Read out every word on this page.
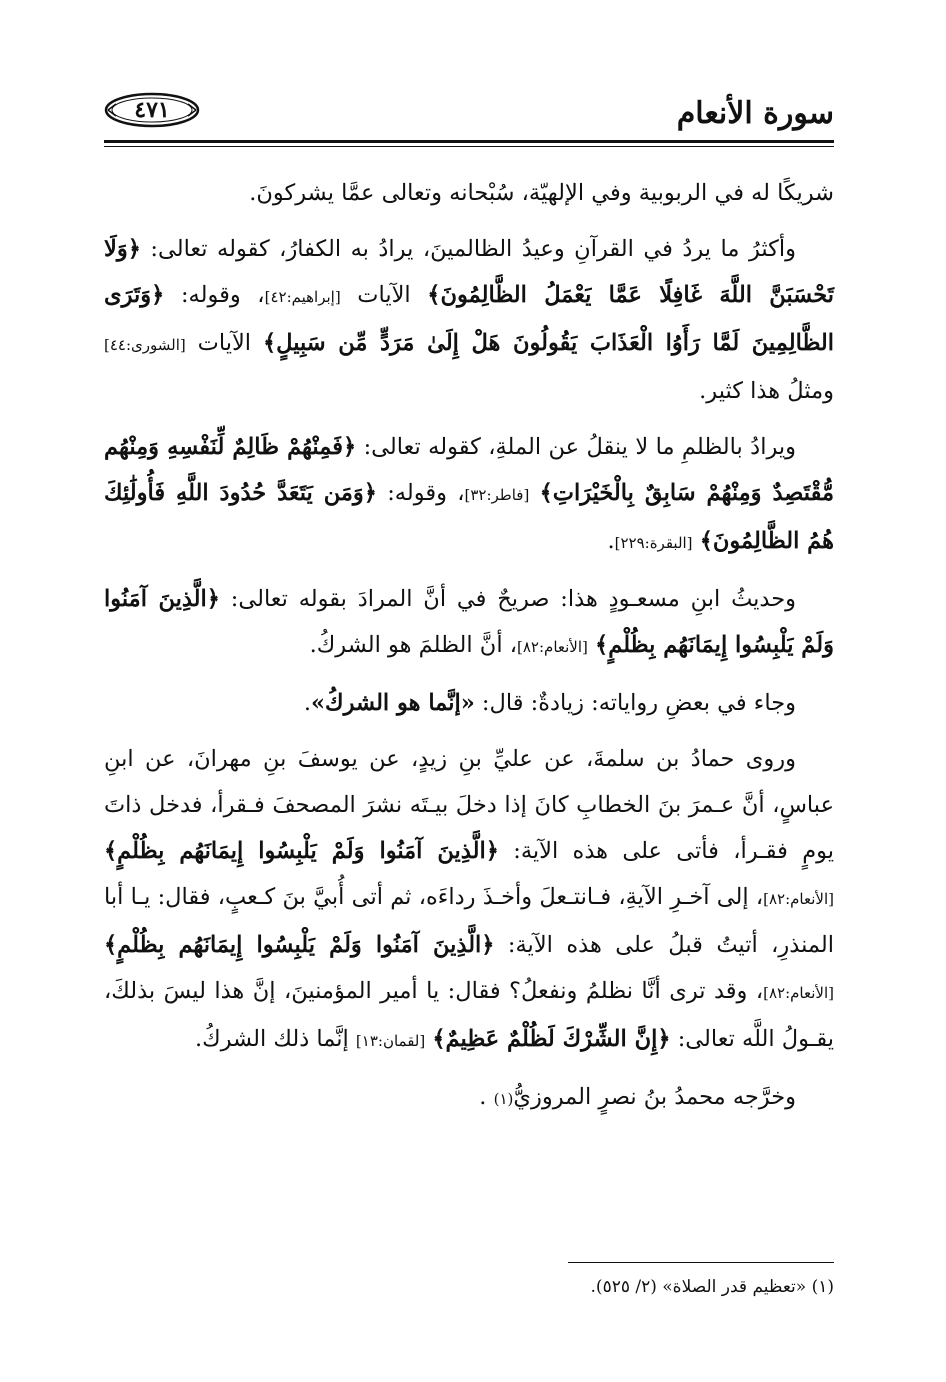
سورة الأنعام
٤٧١

شريكًا له في الربوبية وفي الإلهيّة، سُبْحانه وتعالى عمَّا يشركونَ.

وأكثرُ ما يردُ في القرآنِ وعيدُ الظالمينَ، يرادُ به الكفارُ، كقوله تعالى: ﴿وَلَا تَحْسَبَنَّ اللَّهَ غَافِلًا عَمَّا يَعْمَلُ الظَّالِمُونَ﴾ الآيات [إبراهيم:٤٢]، وقوله: ﴿وَتَرَى الظَّالِمِينَ لَمَّا رَأَوُا الْعَذَابَ يَقُولُونَ هَلْ إِلَىٰ مَرَدٍّ مِّن سَبِيلٍ﴾ الآيات [الشورى:٤٤] ومثلُ هذا كثير.

ويرادُ بالظلمِ ما لا ينقلُ عن الملةِ، كقوله تعالى: ﴿فَمِنْهُمْ ظَالِمٌ لِّنَفْسِهِ وَمِنْهُم مُّقْتَصِدٌ وَمِنْهُمْ سَابِقٌ بِالْخَيْرَاتِ﴾ [فاطر:٣٢]، وقوله: ﴿وَمَن يَتَعَدَّ حُدُودَ اللَّهِ فَأُولَٰئِكَ هُمُ الظَّالِمُونَ﴾ [البقرة:٢٢٩].

وحديثُ ابنِ مسعـودٍ هذا: صريحٌ في أنَّ المرادَ بقوله تعالى: ﴿الَّذِينَ آمَنُوا وَلَمْ يَلْبِسُوا إِيمَانَهُم بِظُلْمٍ﴾ [الأنعام:٨٢]، أنَّ الظلمَ هو الشركُ.

وجاء في بعضِ رواياته: زيادةٌ: قال: «إنَّما هو الشركُ».

وروى حمادُ بن سلمةَ، عن عليِّ بنِ زيدٍ، عن يوسفَ بنِ مهرانَ، عن ابنِ عباسٍ، أنَّ عـمرَ بنَ الخطابِ كانَ إذا دخلَ بيـتَه نشرَ المصحفَ فـقرأ، فدخل ذاتَ يومٍ فقـرأ، فأتى على هذه الآية: ﴿الَّذِينَ آمَنُوا وَلَمْ يَلْبِسُوا إِيمَانَهُم بِظُلْمٍ﴾ [الأنعام:٨٢]، إلى آخـرِ الآيةِ، فـانتـعلَ وأخـذَ رداءَه، ثم أتى أُبيَّ بنَ كـعبٍ، فقال: يـا أبا المنذرِ، أتيتُ قبلُ على هذه الآية: ﴿الَّذِينَ آمَنُوا وَلَمْ يَلْبِسُوا إِيمَانَهُم بِظُلْمٍ﴾ [الأنعام:٨٢]، وقد ترى أنَّا نظلمُ ونفعلُ؟ فقال: يا أمير المؤمنينَ، إنَّ هذا ليسَ بذلكَ، يقـولُ اللَّه تعالى: ﴿إِنَّ الشِّرْكَ لَظُلْمٌ عَظِيمٌ﴾ [لقمان:١٣] إنَّما ذلك الشركُ.

وخرَّجه محمدُ بنُ نصرٍ المروزيُّ(١) .

(١) «تعظيم قدر الصلاة» (٢/ ٥٢٥).
